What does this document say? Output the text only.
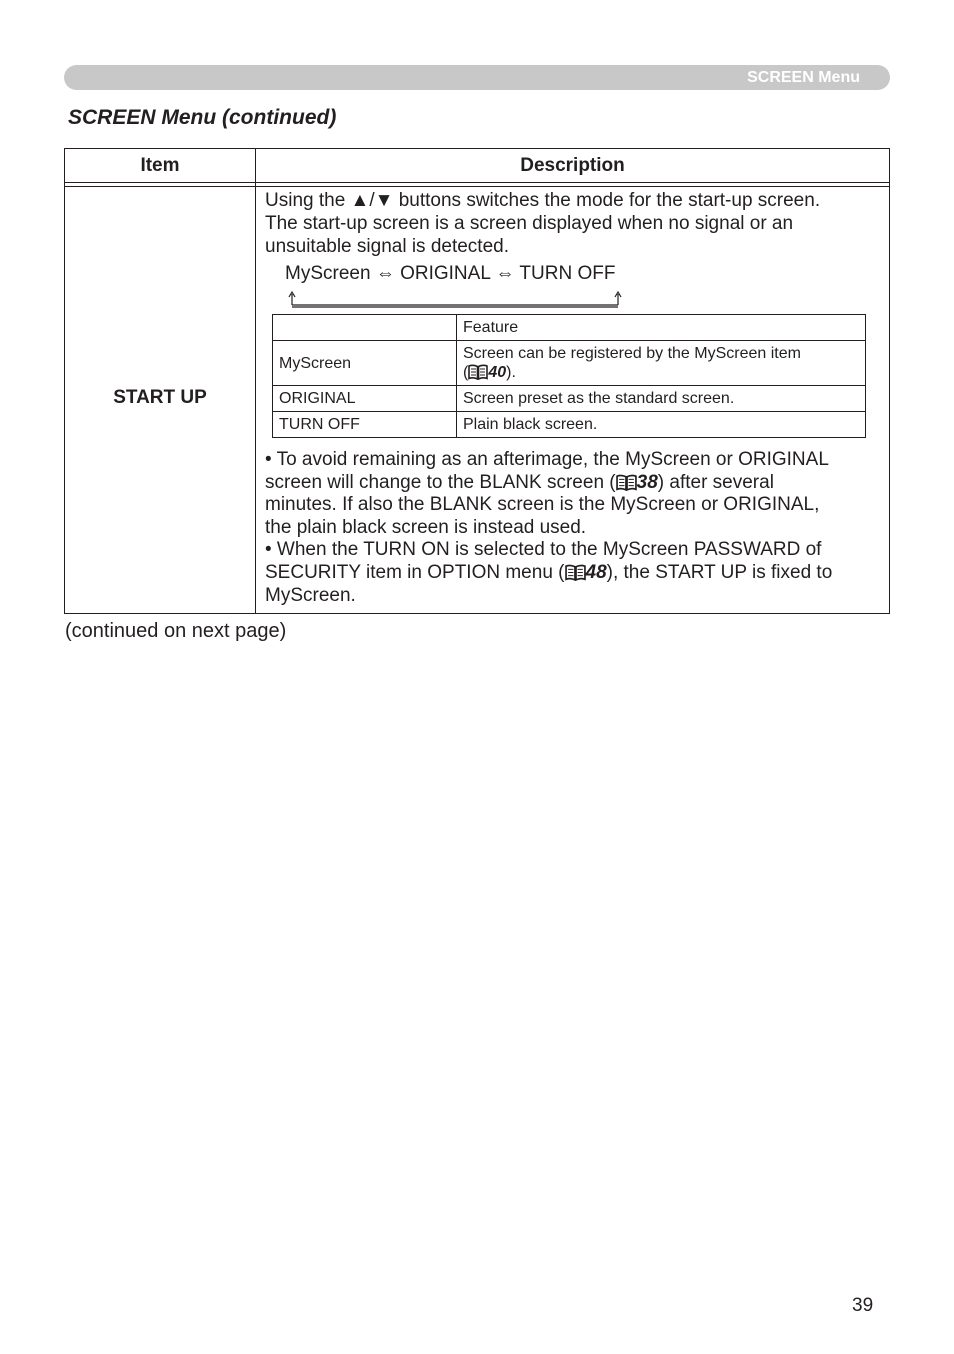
SCREEN Menu
SCREEN Menu (continued)
Item	Description
START UP
Using the ▲/▼ buttons switches the mode for the start-up screen.
The start-up screen is a screen displayed when no signal or an
unsuitable signal is detected.
MyScreen ⇔ ORIGINAL ⇔ TURN OFF
	Feature
MyScreen	Screen can be registered by the MyScreen item
( 40).
ORIGINAL	Screen preset as the standard screen.
TURN OFF	Plain black screen.
• To avoid remaining as an afterimage, the MyScreen or ORIGINAL
screen will change to the BLANK screen ( 38) after several
minutes. If also the BLANK screen is the MyScreen or ORIGINAL,
the plain black screen is instead used.
• When the TURN ON is selected to the MyScreen PASSWARD of
SECURITY item in OPTION menu ( 48), the START UP is fixed to
MyScreen.
(continued on next page)
39
